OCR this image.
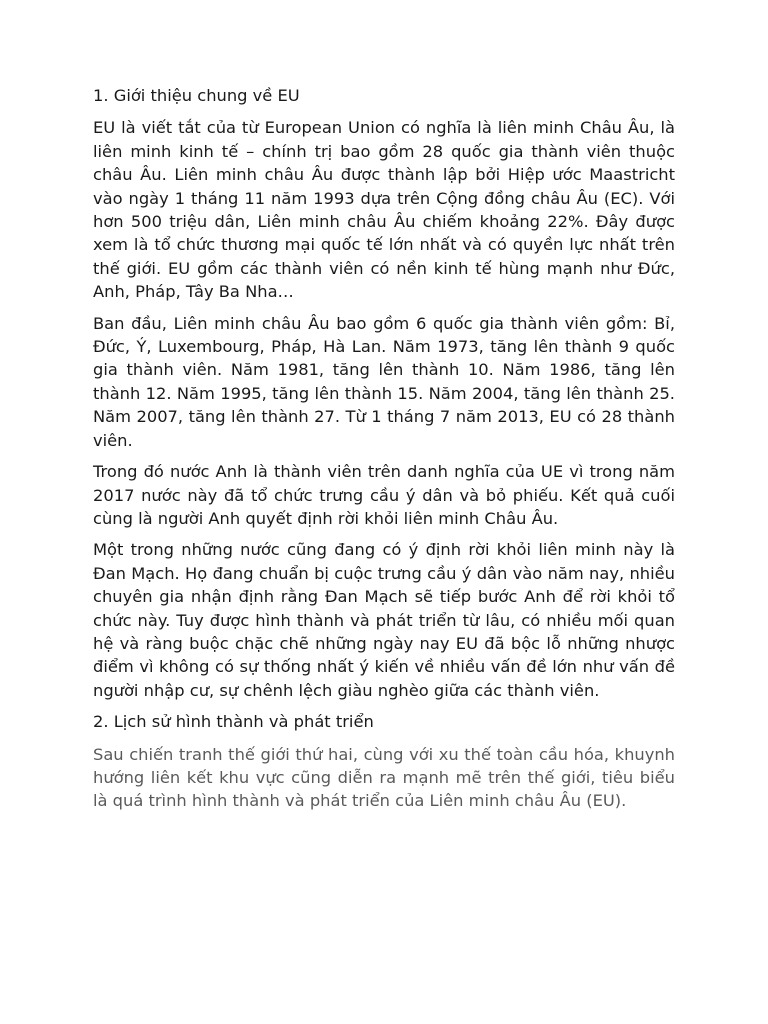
1. Giới thiệu chung về EU

EU là viết tắt của từ European Union có nghĩa là liên minh Châu Âu, là liên minh kinh tế – chính trị bao gồm 28 quốc gia thành viên thuộc châu Âu. Liên minh châu Âu được thành lập bởi Hiệp ước Maastricht vào ngày 1 tháng 11 năm 1993 dựa trên Cộng đồng châu Âu (EC). Với hơn 500 triệu dân, Liên minh châu Âu chiếm khoảng 22%. Đây được xem là tổ chức thương mại quốc tế lớn nhất và có quyền lực nhất trên thế giới. EU gồm các thành viên có nền kinh tế hùng mạnh như Đức, Anh, Pháp, Tây Ba Nha…

Ban đầu, Liên minh châu Âu bao gồm 6 quốc gia thành viên gồm: Bỉ, Đức, Ý, Luxembourg, Pháp, Hà Lan. Năm 1973, tăng lên thành 9 quốc gia thành viên. Năm 1981, tăng lên thành 10. Năm 1986, tăng lên thành 12. Năm 1995, tăng lên thành 15. Năm 2004, tăng lên thành 25. Năm 2007, tăng lên thành 27. Từ 1 tháng 7 năm 2013, EU có 28 thành viên.

Trong đó nước Anh là thành viên trên danh nghĩa của UE vì trong năm 2017 nước này đã tổ chức trưng cầu ý dân và bỏ phiếu. Kết quả cuối cùng là người Anh quyết định rời khỏi liên minh Châu Âu.

Một trong những nước cũng đang có ý định rời khỏi liên minh này là Đan Mạch. Họ đang chuẩn bị cuộc trưng cầu ý dân vào năm nay, nhiều chuyên gia nhận định rằng Đan Mạch sẽ tiếp bước Anh để rời khỏi tổ chức này. Tuy được hình thành và phát triển từ lâu, có nhiều mối quan hệ và ràng buộc chặc chẽ những ngày nay EU đã bộc lỗ những nhược điểm vì không có sự thống nhất ý kiến về nhiều vấn đề lớn như vấn đề người nhập cư, sự chênh lệch giàu nghèo giữa các thành viên.

2. Lịch sử hình thành và phát triển

Sau chiến tranh thế giới thứ hai, cùng với xu thế toàn cầu hóa, khuynh hướng liên kết khu vực cũng diễn ra mạnh mẽ trên thế giới, tiêu biểu là quá trình hình thành và phát triển của Liên minh châu Âu (EU).
